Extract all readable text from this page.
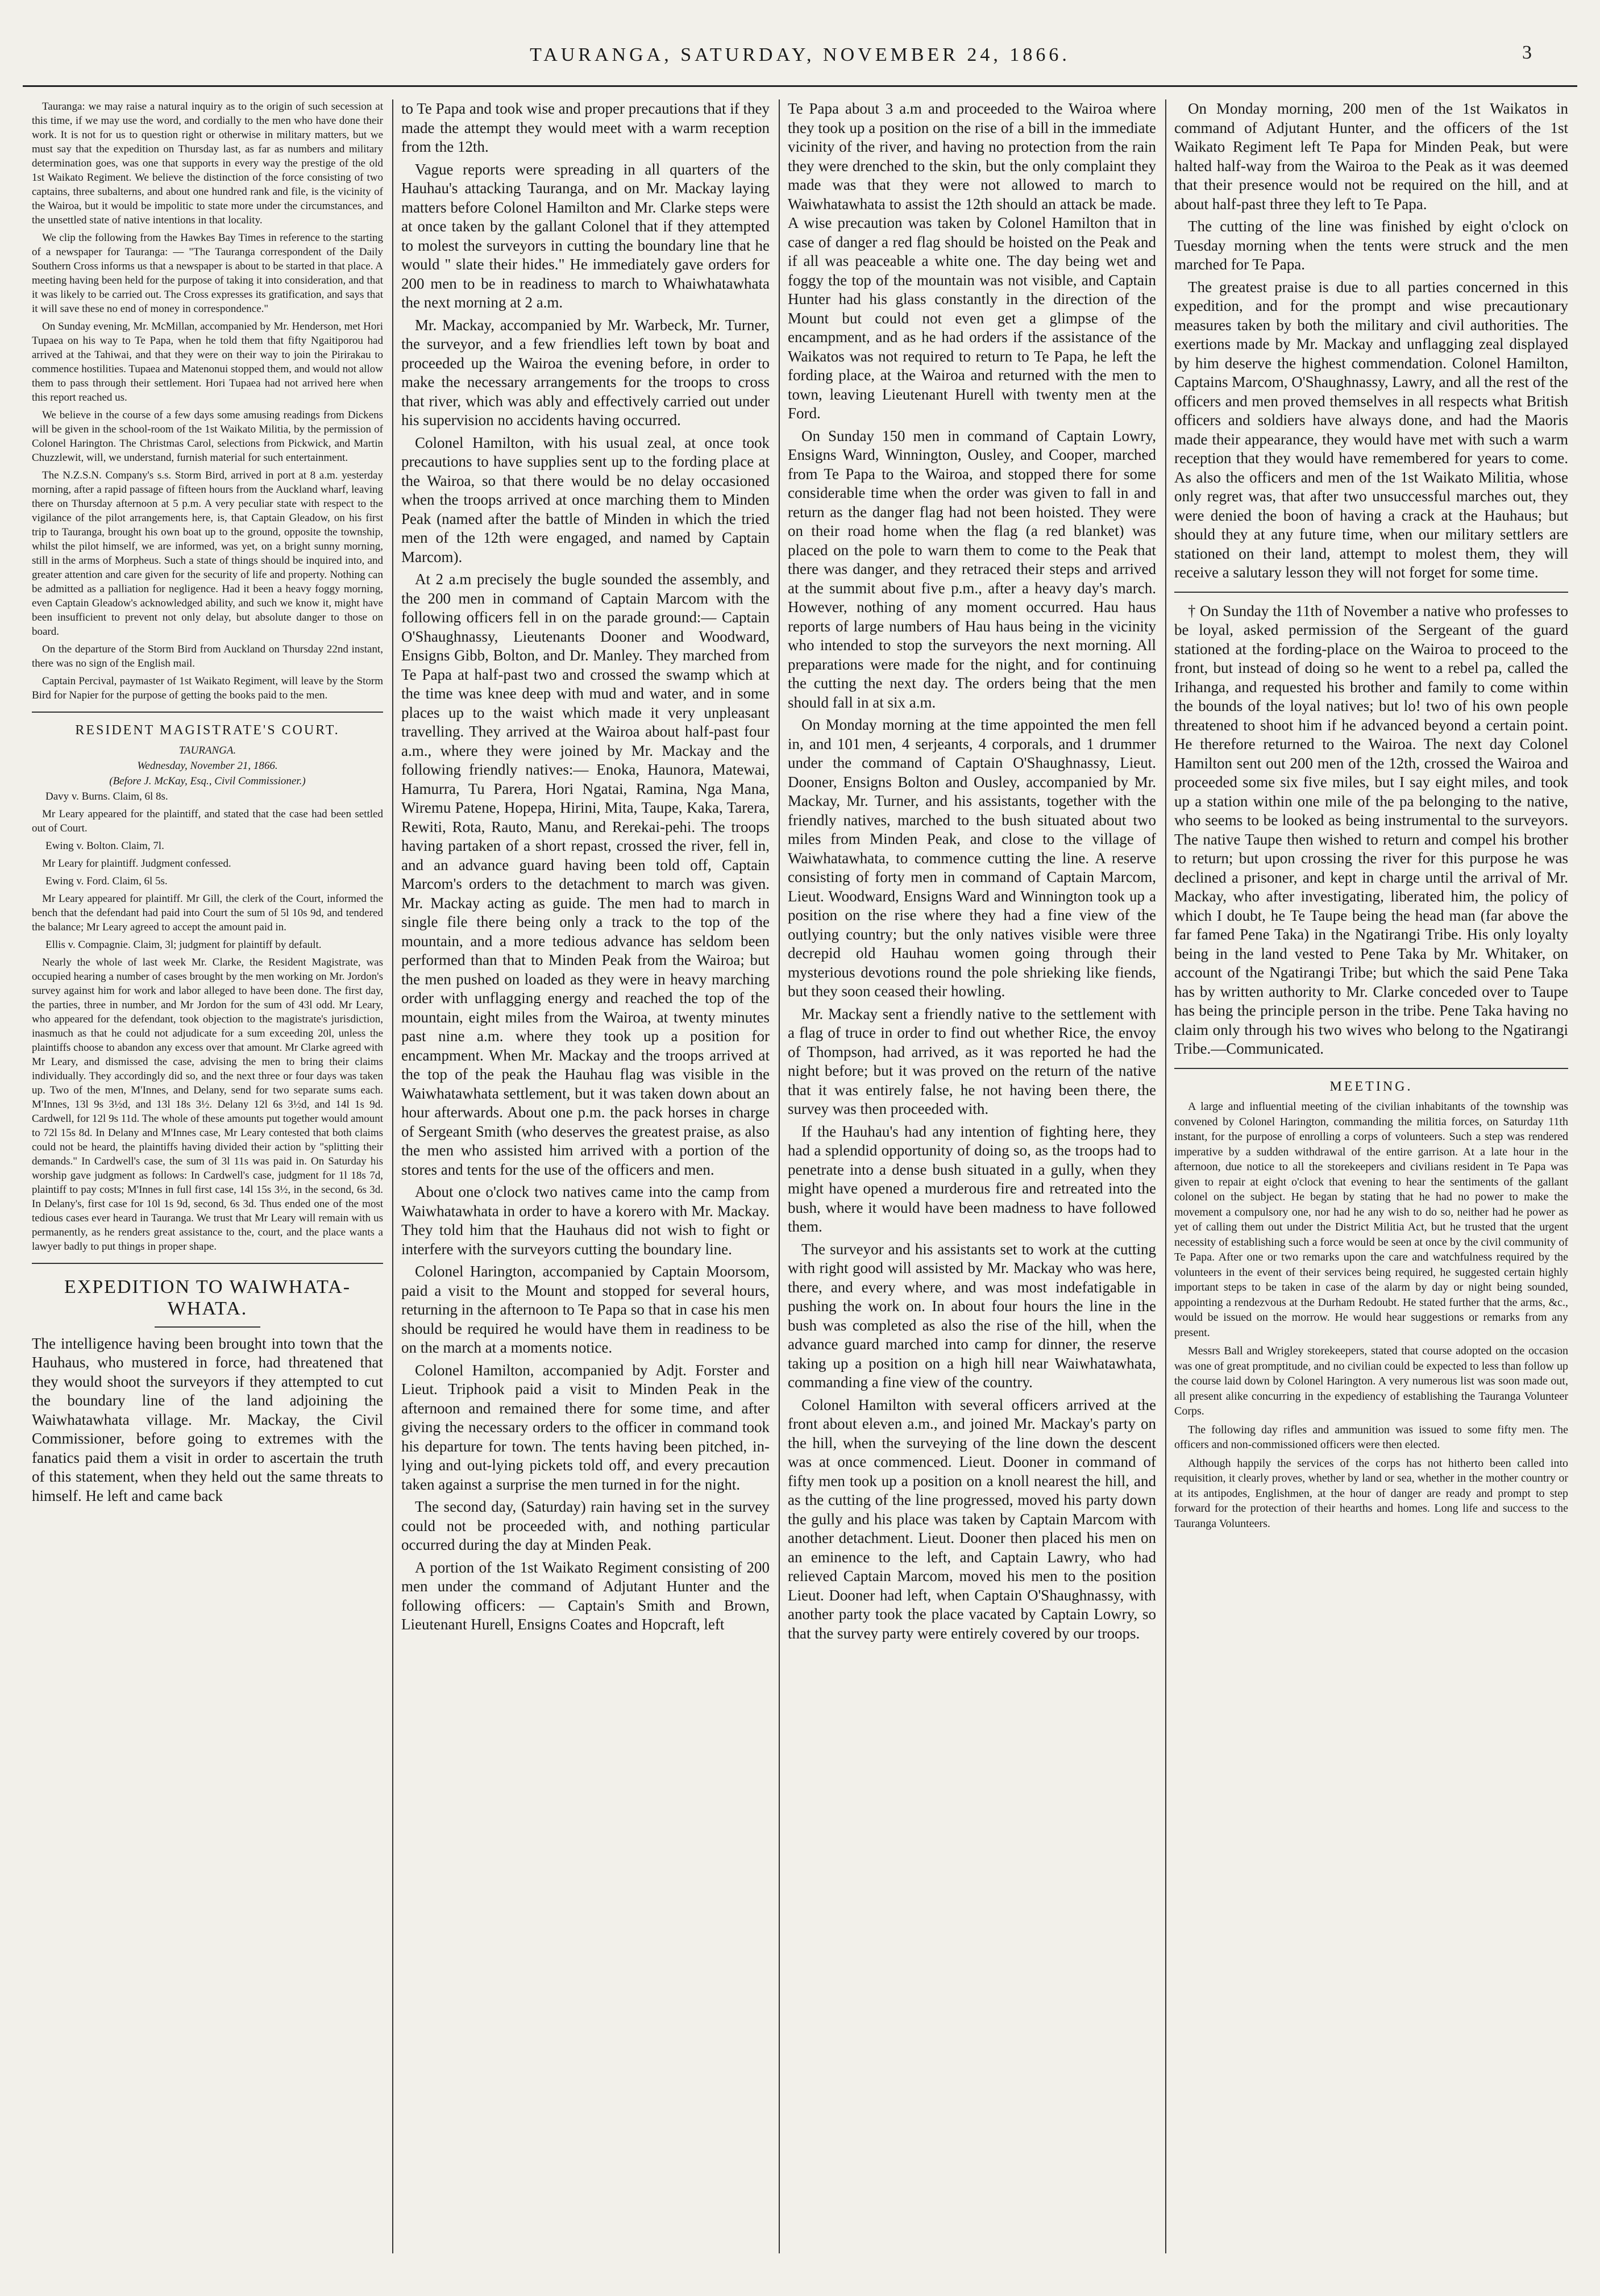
TAURANGA, SATURDAY, NOVEMBER 24, 1866.	3

Tauranga: we may raise a natural inquiry as to the origin of such secession at this time, if we may use the word, and cordially to the men who have done their work. It is not for us to question right or otherwise in military matters, but we must say that the expedition on Thursday last, as far as numbers and military determination goes, was one that supports in every way the prestige of the old 1st Waikato Regiment. We believe the distinction of the force consisting of two captains, three subalterns, and about one hundred rank and file, is the vicinity of the Wairoa, but it would be impolitic to state more under the circumstances, and the unsettled state of native intentions in that locality.

We clip the following from the Hawkes Bay Times in reference to the starting of a newspaper for Tauranga: — "The Tauranga correspondent of the Daily Southern Cross informs us that a newspaper is about to be started in that place. A meeting having been held for the purpose of taking it into consideration, and that it was likely to be carried out. The Cross expresses its gratification, and says that it will save these no end of money in correspondence."

On Sunday evening, Mr. McMillan, accompanied by Mr. Henderson, met Hori Tupaea on his way to Te Papa, when he told them that fifty Ngaitiporou had arrived at the Tahiwai, and that they were on their way to join the Pirirakau to commence hostilities. Tupaea and Matenonui stopped them, and would not allow them to pass through their settlement. Hori Tupaea had not arrived here when this report reached us.

We believe in the course of a few days some amusing readings from Dickens will be given in the school-room of the 1st Waikato Militia, by the permission of Colonel Harington. The Christmas Carol, selections from Pickwick, and Martin Chuzzlewit, will, we understand, furnish material for such entertainment.

The N.Z.S.N. Company's s.s. Storm Bird, arrived in port at 8 a.m. yesterday morning, after a rapid passage of fifteen hours from the Auckland wharf, leaving there on Thursday afternoon at 5 p.m. A very peculiar state with respect to the vigilance of the pilot arrangements here, is, that Captain Gleadow, on his first trip to Tauranga, brought his own boat up to the ground, opposite the township, whilst the pilot himself, we are informed, was yet, on a bright sunny morning, still in the arms of Morpheus. Such a state of things should be inquired into, and greater attention and care given for the security of life and property. Nothing can be admitted as a palliation for negligence. Had it been a heavy foggy morning, even Captain Gleadow's acknowledged ability, and such we know it, might have been insufficient to prevent not only delay, but absolute danger to those on board.

On the departure of the Storm Bird from Auckland on Thursday 22nd instant, there was no sign of the English mail.

Captain Percival, paymaster of 1st Waikato Regiment, will leave by the Storm Bird for Napier for the purpose of getting the books paid to the men.

RESIDENT MAGISTRATE'S COURT.

TAURANGA.

Wednesday, November 21, 1866.

(Before J. McKay, Esq., Civil Commissioner.)

Davy v. Burns. Claim, 6l 8s.

Mr Leary appeared for the plaintiff, and stated that the case had been settled out of Court.

Ewing v. Bolton. Claim, 7l.

Mr Leary for plaintiff. Judgment confessed.

Ewing v. Ford. Claim, 6l 5s.

Mr Leary appeared for plaintiff. Mr Gill, the clerk of the Court, informed the bench that the defendant had paid into Court the sum of 5l 10s 9d, and tendered the balance; Mr Leary agreed to accept the amount paid in.

Ellis v. Compagnie. Claim, 3l; judgment for plaintiff by default.

Nearly the whole of last week Mr. Clarke, the Resident Magistrate, was occupied hearing a number of cases brought by the men working on Mr. Jordon's survey against him for work and labor alleged to have been done. The first day, the parties, three in number, and Mr Jordon for the sum of 43l odd. Mr Leary, who appeared for the defendant, took objection to the magistrate's jurisdiction, inasmuch as that he could not adjudicate for a sum exceeding 20l, unless the plaintiffs choose to abandon any excess over that amount. Mr Clarke agreed with Mr Leary, and dismissed the case, advising the men to bring their claims individually. They accordingly did so, and the next three or four days was taken up. Two of the men, M'Innes, and Delany, send for two separate sums each. M'Innes, 13l 9s 3½d, and 13l 18s 3½. Delany 12l 6s 3½d, and 14l 1s 9d. Cardwell, for 12l 9s 11d. The whole of these amounts put together would amount to 72l 15s 8d. In Delany and M'Innes case, Mr Leary contested that both claims could not be heard, the plaintiffs having divided their action by "splitting their demands." In Cardwell's case, the sum of 3l 11s was paid in. On Saturday his worship gave judgment as follows: In Cardwell's case, judgment for 1l 18s 7d, plaintiff to pay costs; M'Innes in full first case, 14l 15s 3½, in the second, 6s 3d. In Delany's, first case for 10l 1s 9d, second, 6s 3d. Thus ended one of the most tedious cases ever heard in Tauranga. We trust that Mr Leary will remain with us permanently, as he renders great assistance to the, court, and the place wants a lawyer badly to put things in proper shape.

EXPEDITION TO WAIWHATA-WHATA.

The intelligence having been brought into town that the Hauhaus, who mustered in force, had threatened that they would shoot the surveyors if they attempted to cut the boundary line of the land adjoining the Waiwhatawhata village. Mr. Mackay, the Civil Commissioner, before going to extremes with the fanatics paid them a visit in order to ascertain the truth of this statement, when they held out the same threats to himself. He left and came back

to Te Papa and took wise and proper precautions that if they made the attempt they would meet with a warm reception from the 12th.

Vague reports were spreading in all quarters of the Hauhau's attacking Tauranga, and on Mr. Mackay laying matters before Colonel Hamilton and Mr. Clarke steps were at once taken by the gallant Colonel that if they attempted to molest the surveyors in cutting the boundary line that he would " slate their hides." He immediately gave orders for 200 men to be in readiness to march to Whaiwhatawhata the next morning at 2 a.m.

Mr. Mackay, accompanied by Mr. Warbeck, Mr. Turner, the surveyor, and a few friendlies left town by boat and proceeded up the Wairoa the evening before, in order to make the necessary arrangements for the troops to cross that river, which was ably and effectively carried out under his supervision no accidents having occurred.

Colonel Hamilton, with his usual zeal, at once took precautions to have supplies sent up to the fording place at the Wairoa, so that there would be no delay occasioned when the troops arrived at once marching them to Minden Peak (named after the battle of Minden in which the tried men of the 12th were engaged, and named by Captain Marcom).

At 2 a.m precisely the bugle sounded the assembly, and the 200 men in command of Captain Marcom with the following officers fell in on the parade ground:— Captain O'Shaughnassy, Lieutenants Dooner and Woodward, Ensigns Gibb, Bolton, and Dr. Manley. They marched from Te Papa at half-past two and crossed the swamp which at the time was knee deep with mud and water, and in some places up to the waist which made it very unpleasant travelling. They arrived at the Wairoa about half-past four a.m., where they were joined by Mr. Mackay and the following friendly natives:— Enoka, Haunora, Matewai, Hamurra, Tu Parera, Hori Ngatai, Ramina, Nga Mana, Wiremu Patene, Hopepa, Hirini, Mita, Taupe, Kaka, Tarera, Rewiti, Rota, Rauto, Manu, and Rerekai-pehi. The troops having partaken of a short repast, crossed the river, fell in, and an advance guard having been told off, Captain Marcom's orders to the detachment to march was given. Mr. Mackay acting as guide. The men had to march in single file there being only a track to the top of the mountain, and a more tedious advance has seldom been performed than that to Minden Peak from the Wairoa; but the men pushed on loaded as they were in heavy marching order with unflagging energy and reached the top of the mountain, eight miles from the Wairoa, at twenty minutes past nine a.m. where they took up a position for encampment. When Mr. Mackay and the troops arrived at the top of the peak the Hauhau flag was visible in the Waiwhatawhata settlement, but it was taken down about an hour afterwards. About one p.m. the pack horses in charge of Sergeant Smith (who deserves the greatest praise, as also the men who assisted him arrived with a portion of the stores and tents for the use of the officers and men.

About one o'clock two natives came into the camp from Waiwhatawhata in order to have a korero with Mr. Mackay. They told him that the Hauhaus did not wish to fight or interfere with the surveyors cutting the boundary line.

Colonel Harington, accompanied by Captain Moorsom, paid a visit to the Mount and stopped for several hours, returning in the afternoon to Te Papa so that in case his men should be required he would have them in readiness to be on the march at a moments notice.

Colonel Hamilton, accompanied by Adjt. Forster and Lieut. Triphook paid a visit to Minden Peak in the afternoon and remained there for some time, and after giving the necessary orders to the officer in command took his departure for town. The tents having been pitched, in-lying and out-lying pickets told off, and every precaution taken against a surprise the men turned in for the night.

The second day, (Saturday) rain having set in the survey could not be proceeded with, and nothing particular occurred during the day at Minden Peak.

A portion of the 1st Waikato Regiment consisting of 200 men under the command of Adjutant Hunter and the following officers: — Captain's Smith and Brown, Lieutenant Hurell, Ensigns Coates and Hopcraft, left

Te Papa about 3 a.m and proceeded to the Wairoa where they took up a position on the rise of a bill in the immediate vicinity of the river, and having no protection from the rain they were drenched to the skin, but the only complaint they made was that they were not allowed to march to Waiwhatawhata to assist the 12th should an attack be made. A wise precaution was taken by Colonel Hamilton that in case of danger a red flag should be hoisted on the Peak and if all was peaceable a white one. The day being wet and foggy the top of the mountain was not visible, and Captain Hunter had his glass constantly in the direction of the Mount but could not even get a glimpse of the encampment, and as he had orders if the assistance of the Waikatos was not required to return to Te Papa, he left the fording place, at the Wairoa and returned with the men to town, leaving Lieutenant Hurell with twenty men at the Ford.

On Sunday 150 men in command of Captain Lowry, Ensigns Ward, Winnington, Ousley, and Cooper, marched from Te Papa to the Wairoa, and stopped there for some considerable time when the order was given to fall in and return as the danger flag had not been hoisted. They were on their road home when the flag (a red blanket) was placed on the pole to warn them to come to the Peak that there was danger, and they retraced their steps and arrived at the summit about five p.m., after a heavy day's march. However, nothing of any moment occurred. Hau haus reports of large numbers of Hau haus being in the vicinity who intended to stop the surveyors the next morning. All preparations were made for the night, and for continuing the cutting the next day. The orders being that the men should fall in at six a.m.

On Monday morning at the time appointed the men fell in, and 101 men, 4 serjeants, 4 corporals, and 1 drummer under the command of Captain O'Shaughnassy, Lieut. Dooner, Ensigns Bolton and Ousley, accompanied by Mr. Mackay, Mr. Turner, and his assistants, together with the friendly natives, marched to the bush situated about two miles from Minden Peak, and close to the village of Waiwhatawhata, to commence cutting the line. A reserve consisting of forty men in command of Captain Marcom, Lieut. Woodward, Ensigns Ward and Winnington took up a position on the rise where they had a fine view of the outlying country; but the only natives visible were three decrepid old Hauhau women going through their mysterious devotions round the pole shrieking like fiends, but they soon ceased their howling.

Mr. Mackay sent a friendly native to the settlement with a flag of truce in order to find out whether Rice, the envoy of Thompson, had arrived, as it was reported he had the night before; but it was proved on the return of the native that it was entirely false, he not having been there, the survey was then proceeded with.

If the Hauhau's had any intention of fighting here, they had a splendid opportunity of doing so, as the troops had to penetrate into a dense bush situated in a gully, when they might have opened a murderous fire and retreated into the bush, where it would have been madness to have followed them.

The surveyor and his assistants set to work at the cutting with right good will assisted by Mr. Mackay who was here, there, and every where, and was most indefatigable in pushing the work on. In about four hours the line in the bush was completed as also the rise of the hill, when the advance guard marched into camp for dinner, the reserve taking up a position on a high hill near Waiwhatawhata, commanding a fine view of the country.

Colonel Hamilton with several officers arrived at the front about eleven a.m., and joined Mr. Mackay's party on the hill, when the surveying of the line down the descent was at once commenced. Lieut. Dooner in command of fifty men took up a position on a knoll nearest the hill, and as the cutting of the line progressed, moved his party down the gully and his place was taken by Captain Marcom with another detachment. Lieut. Dooner then placed his men on an eminence to the left, and Captain Lawry, who had relieved Captain Marcom, moved his men to the position Lieut. Dooner had left, when Captain O'Shaughnassy, with another party took the place vacated by Captain Lowry, so that the survey party were entirely covered by our troops.

On Monday morning, 200 men of the 1st Waikatos in command of Adjutant Hunter, and the officers of the 1st Waikato Regiment left Te Papa for Minden Peak, but were halted half-way from the Wairoa to the Peak as it was deemed that their presence would not be required on the hill, and at about half-past three they left to Te Papa.

The cutting of the line was finished by eight o'clock on Tuesday morning when the tents were struck and the men marched for Te Papa.

The greatest praise is due to all parties concerned in this expedition, and for the prompt and wise precautionary measures taken by both the military and civil authorities. The exertions made by Mr. Mackay and unflagging zeal displayed by him deserve the highest commendation. Colonel Hamilton, Captains Marcom, O'Shaughnassy, Lawry, and all the rest of the officers and men proved themselves in all respects what British officers and soldiers have always done, and had the Maoris made their appearance, they would have met with such a warm reception that they would have remembered for years to come. As also the officers and men of the 1st Waikato Militia, whose only regret was, that after two unsuccessful marches out, they were denied the boon of having a crack at the Hauhaus; but should they at any future time, when our military settlers are stationed on their land, attempt to molest them, they will receive a salutary lesson they will not forget for some time.

† On Sunday the 11th of November a native who professes to be loyal, asked permission of the Sergeant of the guard stationed at the fording-place on the Wairoa to proceed to the front, but instead of doing so he went to a rebel pa, called the Irihanga, and requested his brother and family to come within the bounds of the loyal natives; but lo! two of his own people threatened to shoot him if he advanced beyond a certain point. He therefore returned to the Wairoa. The next day Colonel Hamilton sent out 200 men of the 12th, crossed the Wairoa and proceeded some six five miles, but I say eight miles, and took up a station within one mile of the pa belonging to the native, who seems to be looked as being instrumental to the surveyors. The native Taupe then wished to return and compel his brother to return; but upon crossing the river for this purpose he was declined a prisoner, and kept in charge until the arrival of Mr. Mackay, who after investigating, liberated him, the policy of which I doubt, he Te Taupe being the head man (far above the far famed Pene Taka) in the Ngatirangi Tribe. His only loyalty being in the land vested to Pene Taka by Mr. Whitaker, on account of the Ngatirangi Tribe; but which the said Pene Taka has by written authority to Mr. Clarke conceded over to Taupe has being the principle person in the tribe. Pene Taka having no claim only through his two wives who belong to the Ngatirangi Tribe.—Communicated.

MEETING.

A large and influential meeting of the civilian inhabitants of the township was convened by Colonel Harington, commanding the militia forces, on Saturday 11th instant, for the purpose of enrolling a corps of volunteers. Such a step was rendered imperative by a sudden withdrawal of the entire garrison. At a late hour in the afternoon, due notice to all the storekeepers and civilians resident in Te Papa was given to repair at eight o'clock that evening to hear the sentiments of the gallant colonel on the subject. He began by stating that he had no power to make the movement a compulsory one, nor had he any wish to do so, neither had he power as yet of calling them out under the District Militia Act, but he trusted that the urgent necessity of establishing such a force would be seen at once by the civil community of Te Papa. After one or two remarks upon the care and watchfulness required by the volunteers in the event of their services being required, he suggested certain highly important steps to be taken in case of the alarm by day or night being sounded, appointing a rendezvous at the Durham Redoubt. He stated further that the arms, &c., would be issued on the morrow. He would hear suggestions or remarks from any present.

Messrs Ball and Wrigley storekeepers, stated that course adopted on the occasion was one of great promptitude, and no civilian could be expected to less than follow up the course laid down by Colonel Harington. A very numerous list was soon made out, all present alike concurring in the expediency of establishing the Tauranga Volunteer Corps.

The following day rifles and ammunition was issued to some fifty men. The officers and non-commissioned officers were then elected.

Although happily the services of the corps has not hitherto been called into requisition, it clearly proves, whether by land or sea, whether in the mother country or at its antipodes, Englishmen, at the hour of danger are ready and prompt to step forward for the protection of their hearths and homes. Long life and success to the Tauranga Volunteers.
